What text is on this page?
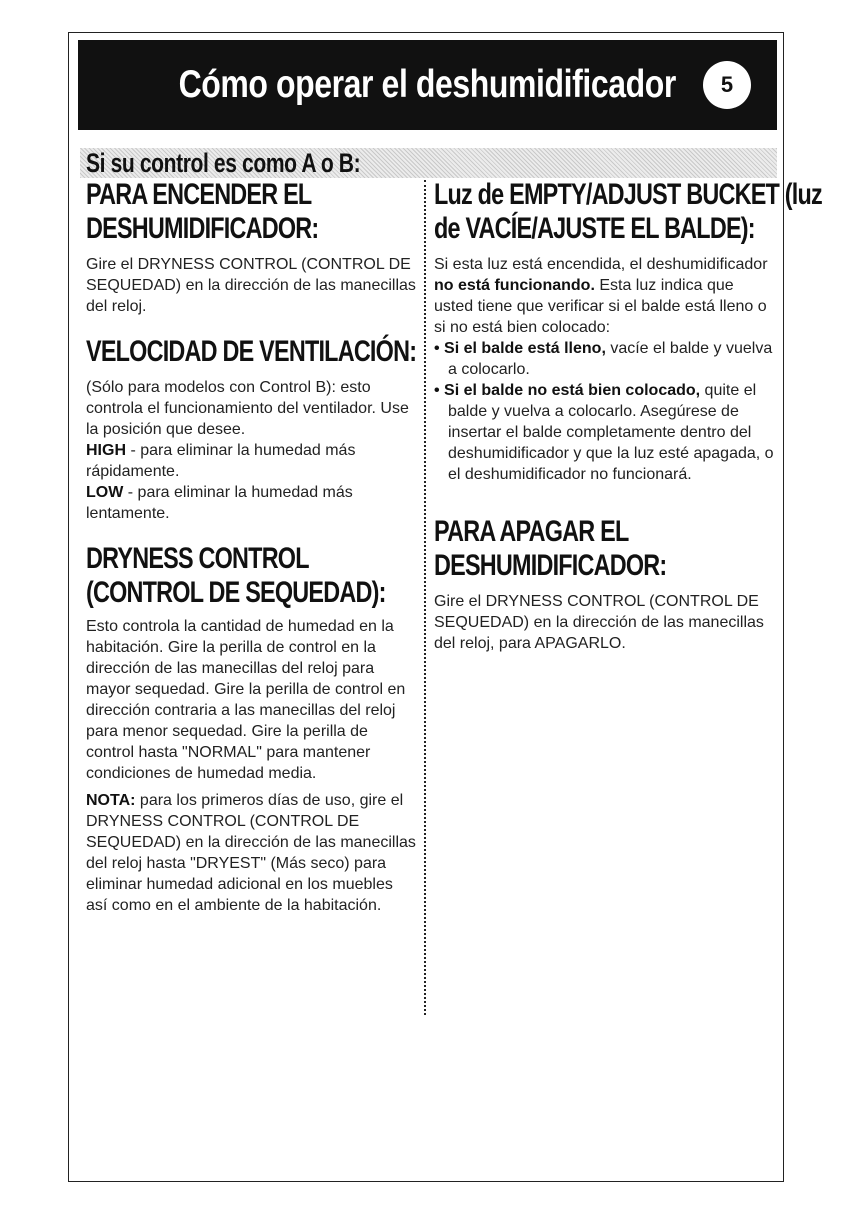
Cómo operar el deshumidificador	5
Si su control es como A o B:
PARA ENCENDER EL
DESHUMIDIFICADOR:

Gire el DRYNESS CONTROL (CONTROL DE SEQUEDAD) en la dirección de las manecillas del reloj.

VELOCIDAD DE VENTILACIÓN:

(Sólo para modelos con Control B): esto controla el funcionamiento del ventilador. Use la posición que desee.

HIGH - para eliminar la humedad más rápidamente.

LOW - para eliminar la humedad más lentamente.

DRYNESS CONTROL
(CONTROL DE SEQUEDAD):

Esto controla la cantidad de humedad en la habitación. Gire la perilla de control en la dirección de las manecillas del reloj para mayor sequedad. Gire la perilla de control en dirección contraria a las manecillas del reloj para menor sequedad. Gire la perilla de control hasta "NORMAL" para mantener condiciones de humedad media.

NOTA: para los primeros días de uso, gire el DRYNESS CONTROL (CONTROL DE SEQUEDAD) en la dirección de las manecillas del reloj hasta "DRYEST" (Más seco) para eliminar humedad adicional en los muebles así como en el ambiente de la habitación.

Luz de EMPTY/ADJUST BUCKET (luz
de VACÍE/AJUSTE EL BALDE):

Si esta luz está encendida, el deshumidificador no está funcionando. Esta luz indica que usted tiene que verificar si el balde está lleno o si no está bien colocado:

• Si el balde está lleno, vacíe el balde y vuelva a colocarlo.

• Si el balde no está bien colocado, quite el balde y vuelva a colocarlo. Asegúrese de insertar el balde completamente dentro del deshumidificador y que la luz esté apagada, o el deshumidificador no funcionará.

PARA APAGAR EL
DESHUMIDIFICADOR:

Gire el DRYNESS CONTROL (CONTROL DE SEQUEDAD) en la dirección de las manecillas del reloj, para APAGARLO.
